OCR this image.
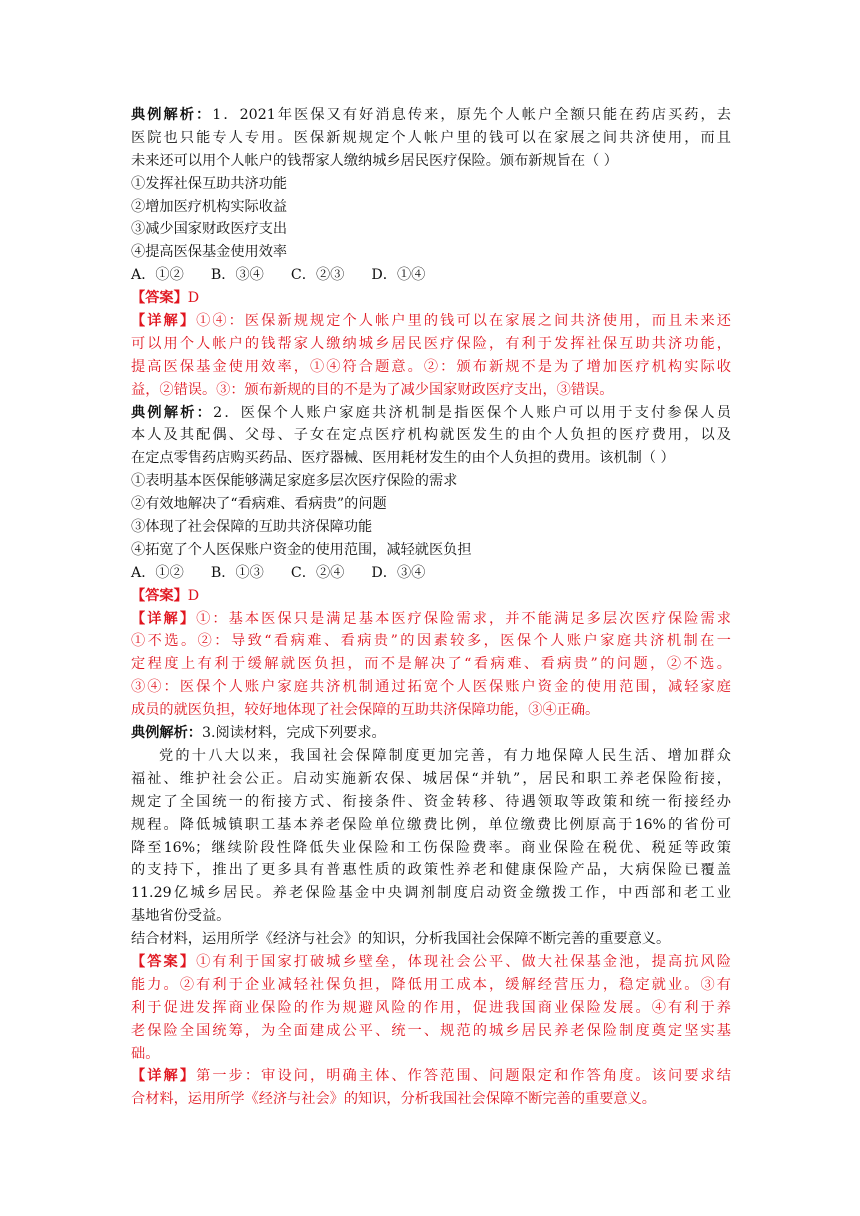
典例解析：1．2021年医保又有好消息传来，原先个人帐户全额只能在药店买药，去
医院也只能专人专用。医保新规规定个人帐户里的钱可以在家展之间共济使用，而且
未来还可以用个人帐户的钱帮家人缴纳城乡居民医疗保险。颁布新规旨在（ ）
①发挥社保互助共济功能
②增加医疗机构实际收益
③减少国家财政医疗支出
④提高医保基金使用效率
A．①②      B．③④      C．②③      D．①④
【答案】D
【详解】①④：医保新规规定个人帐户里的钱可以在家展之间共济使用，而且未来还
可以用个人帐户的钱帮家人缴纳城乡居民医疗保险，有利于发挥社保互助共济功能，
提高医保基金使用效率，①④符合题意。②：颁布新规不是为了增加医疗机构实际收
益，②错误。③：颁布新规的目的不是为了减少国家财政医疗支出，③错误。
典例解析：2．医保个人账户家庭共济机制是指医保个人账户可以用于支付参保人员
本人及其配偶、父母、子女在定点医疗机构就医发生的由个人负担的医疗费用，以及
在定点零售药店购买药品、医疗器械、医用耗材发生的由个人负担的费用。该机制（ ）
①表明基本医保能够满足家庭多层次医疗保险的需求
②有效地解决了“看病难、看病贵”的问题
③体现了社会保障的互助共济保障功能
④拓宽了个人医保账户资金的使用范围，减轻就医负担
A．①②      B．①③      C．②④      D．③④
【答案】D
【详解】①：基本医保只是满足基本医疗保险需求，并不能满足多层次医疗保险需求
①不选。②：导致“看病难、看病贵”的因素较多，医保个人账户家庭共济机制在一
定程度上有利于缓解就医负担，而不是解决了“看病难、看病贵”的问题，②不选。
③④：医保个人账户家庭共济机制通过拓宽个人医保账户资金的使用范围，减轻家庭
成员的就医负担，较好地体现了社会保障的互助共济保障功能，③④正确。
典例解析：3.阅读材料，完成下列要求。
党的十八大以来，我国社会保障制度更加完善，有力地保障人民生活、增加群众
福祉、维护社会公正。启动实施新农保、城居保“并轨”，居民和职工养老保险衔接，
规定了全国统一的衔接方式、衔接条件、资金转移、待遇领取等政策和统一衔接经办
规程。降低城镇职工基本养老保险单位缴费比例，单位缴费比例原高于16%的省份可
降至16%；继续阶段性降低失业保险和工伤保险费率。商业保险在税优、税延等政策
的支持下，推出了更多具有普惠性质的政策性养老和健康保险产品，大病保险已覆盖
11.29亿城乡居民。养老保险基金中央调剂制度启动资金缴拨工作，中西部和老工业
基地省份受益。
结合材料，运用所学《经济与社会》的知识，分析我国社会保障不断完善的重要意义。
【答案】①有利于国家打破城乡壁垒，体现社会公平、做大社保基金池，提高抗风险
能力。②有利于企业减轻社保负担，降低用工成本，缓解经营压力，稳定就业。③有
利于促进发挥商业保险的作为规避风险的作用，促进我国商业保险发展。④有利于养
老保险全国统筹，为全面建成公平、统一、规范的城乡居民养老保险制度奠定坚实基
础。
【详解】第一步：审设问，明确主体、作答范围、问题限定和作答角度。该问要求结
合材料，运用所学《经济与社会》的知识，分析我国社会保障不断完善的重要意义。
